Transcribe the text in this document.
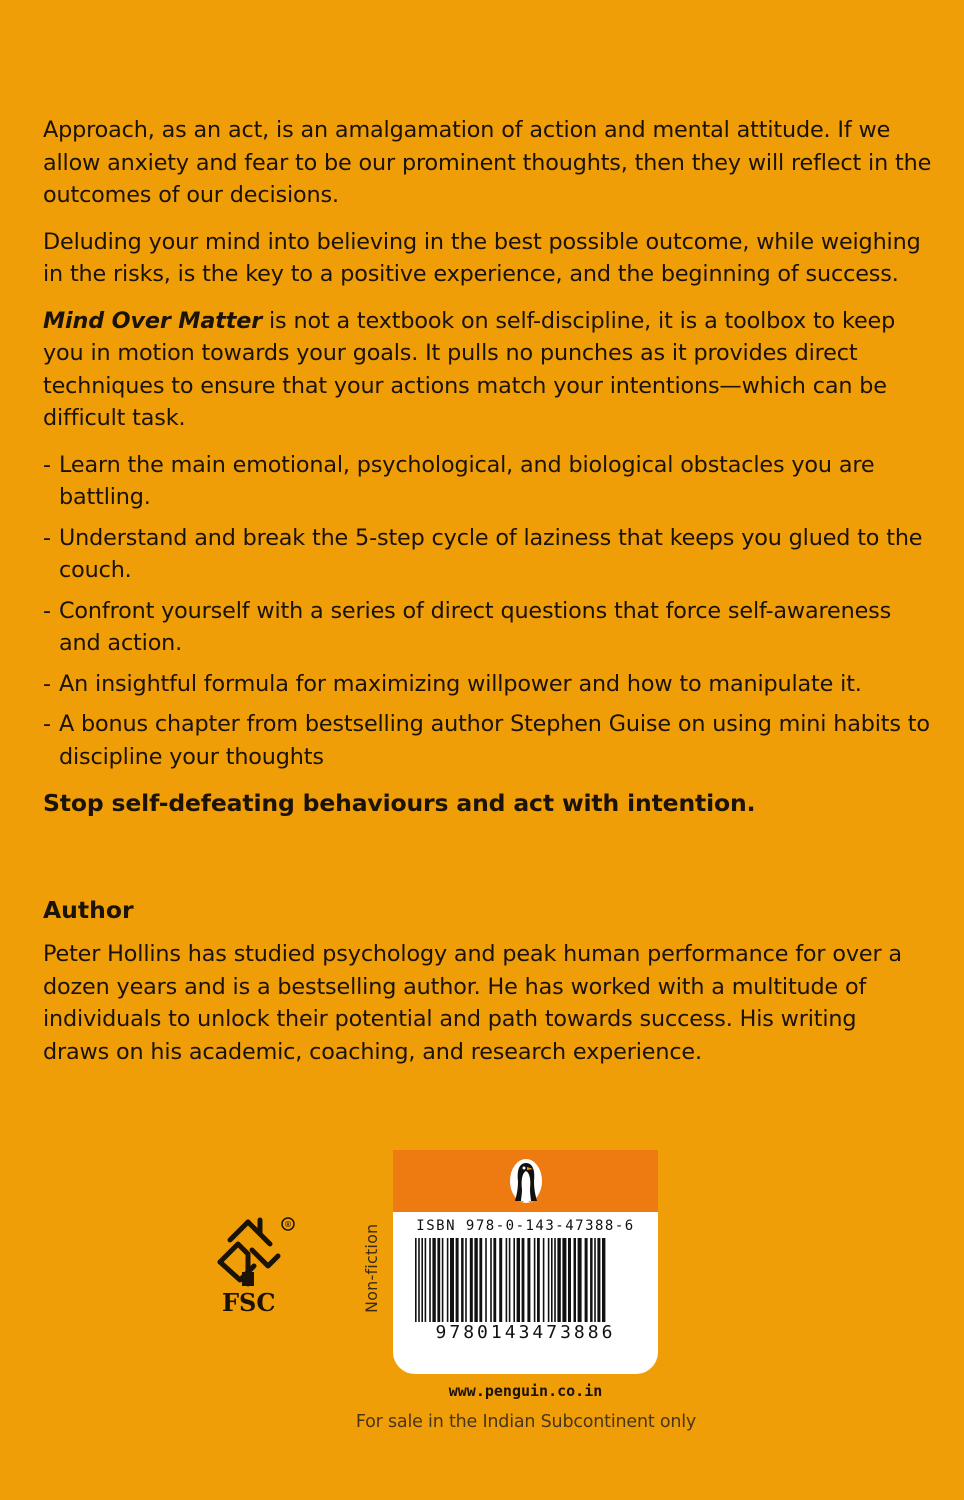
Approach, as an act, is an amalgamation of action and mental attitude. If we allow anxiety and fear to be our prominent thoughts, then they will reflect in the outcomes of our decisions.

Deluding your mind into believing in the best possible outcome, while weighing in the risks, is the key to a positive experience, and the beginning of success.

Mind Over Matter is not a textbook on self-discipline, it is a toolbox to keep you in motion towards your goals. It pulls no punches as it provides direct techniques to ensure that your actions match your intentions—which can be difficult task.

- Learn the main emotional, psychological, and biological obstacles you are battling.
- Understand and break the 5-step cycle of laziness that keeps you glued to the couch.
- Confront yourself with a series of direct questions that force self-awareness and action.
- An insightful formula for maximizing willpower and how to manipulate it.
- A bonus chapter from bestselling author Stephen Guise on using mini habits to discipline your thoughts
Stop self-defeating behaviours and act with intention.
Author

Peter Hollins has studied psychology and peak human performance for over a dozen years and is a bestselling author. He has worked with a multitude of individuals to unlock their potential and path towards success. His writing draws on his academic, coaching, and research experience.

®
FSC	Non-fiction	ISBN 978-0-143-47388-6
9780143473886
www.penguin.co.in
For sale in the Indian Subcontinent only
